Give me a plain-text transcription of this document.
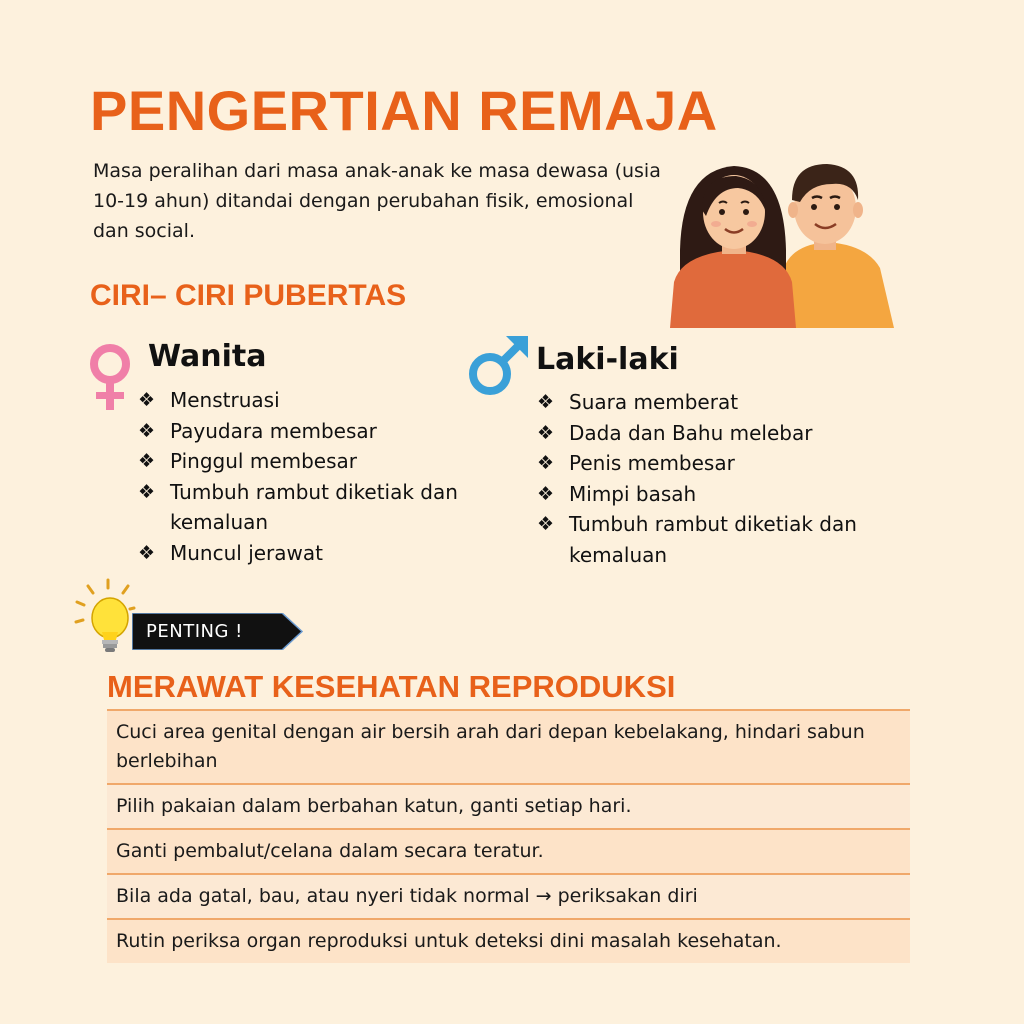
PENGERTIAN REMAJA
Masa peralihan dari masa anak-anak ke masa dewasa (usia 10-19 ahun) ditandai dengan perubahan fisik, emosional dan social.
CIRI– CIRI PUBERTAS
Wanita
❖ Menstruasi
❖ Payudara membesar
❖ Pinggul membesar
❖ Tumbuh rambut diketiak dan kemaluan
❖ Muncul jerawat
Laki-laki
❖ Suara memberat
❖ Dada dan Bahu melebar
❖ Penis membesar
❖ Mimpi basah
❖ Tumbuh rambut diketiak dan kemaluan
PENTING !
MERAWAT KESEHATAN REPRODUKSI
Cuci area genital dengan air bersih arah dari depan kebelakang, hindari sabun berlebihan
Pilih pakaian dalam berbahan katun, ganti setiap hari.
Ganti pembalut/celana dalam secara teratur.
Bila ada gatal, bau, atau nyeri tidak normal → periksakan diri
Rutin periksa organ reproduksi untuk deteksi dini masalah kesehatan.
